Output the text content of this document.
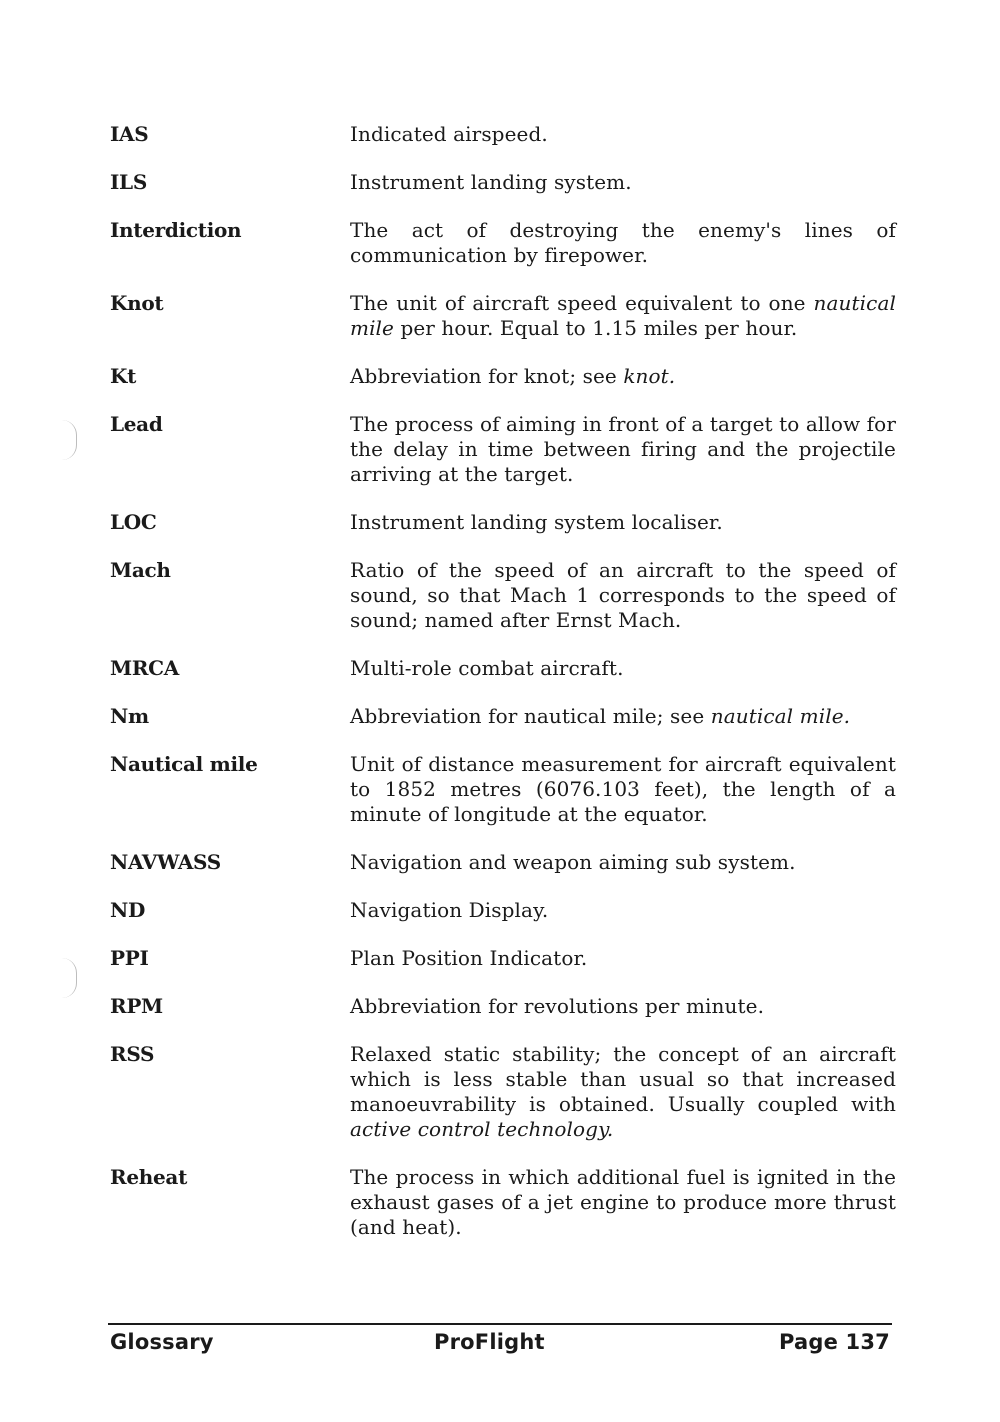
IAS	Indicated airspeed.
ILS	Instrument landing system.
Interdiction	The act of destroying the enemy's lines of communication by firepower.
Knot	The unit of aircraft speed equivalent to one nautical mile per hour. Equal to 1.15 miles per hour.
Kt	Abbreviation for knot; see knot.
Lead	The process of aiming in front of a target to allow for the delay in time between firing and the projectile arriving at the target.
LOC	Instrument landing system localiser.
Mach	Ratio of the speed of an aircraft to the speed of sound, so that Mach 1 corresponds to the speed of sound; named after Ernst Mach.
MRCA	Multi-role combat aircraft.
Nm	Abbreviation for nautical mile; see nautical mile.
Nautical mile	Unit of distance measurement for aircraft equivalent to 1852 metres (6076.103 feet), the length of a minute of longitude at the equator.
NAVWASS	Navigation and weapon aiming sub system.
ND	Navigation Display.
PPI	Plan Position Indicator.
RPM	Abbreviation for revolutions per minute.
RSS	Relaxed static stability; the concept of an aircraft which is less stable than usual so that increased manoeuvrability is obtained. Usually coupled with active control technology.
Reheat	The process in which additional fuel is ignited in the exhaust gases of a jet engine to produce more thrust (and heat).
Glossary	ProFlight	Page 137
